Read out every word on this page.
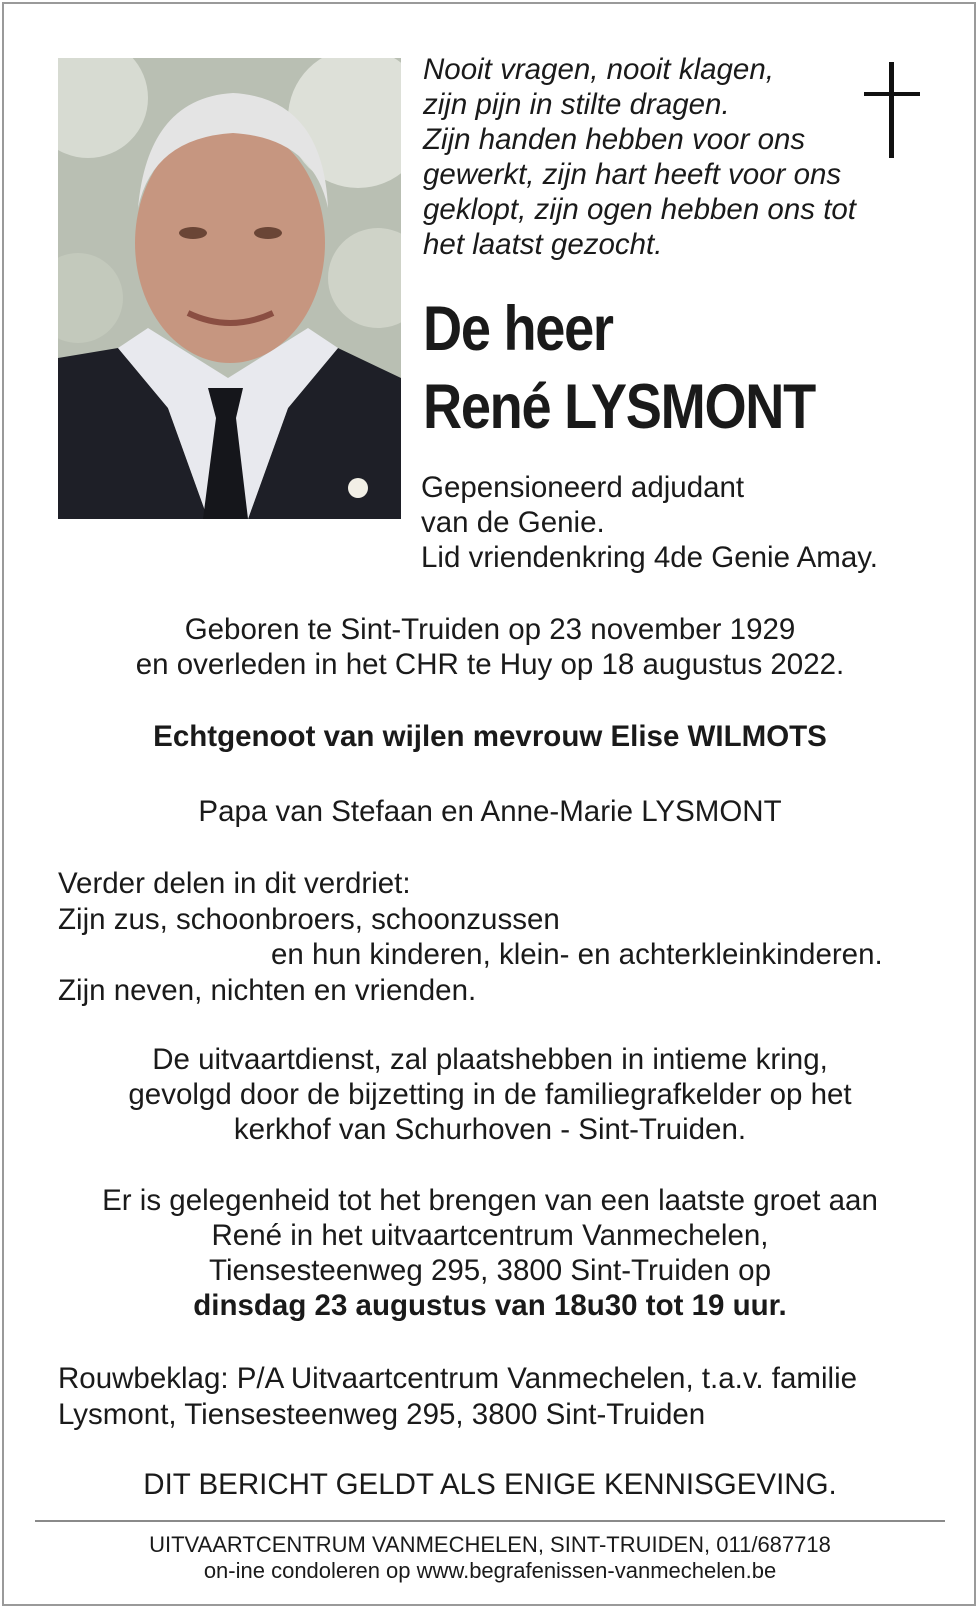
Nooit vragen, nooit klagen,
zijn pijn in stilte dragen.
Zijn handen hebben voor ons
gewerkt, zijn hart heeft voor ons
geklopt, zijn ogen hebben ons tot
het laatst gezocht.
De heer
René LYSMONT
Gepensioneerd adjudant
van de Genie.
Lid vriendenkring 4de Genie Amay.
Geboren te Sint-Truiden op 23 november 1929
en overleden in het CHR te Huy op 18 augustus 2022.
Echtgenoot van wijlen mevrouw Elise WILMOTS
Papa van Stefaan en Anne-Marie LYSMONT
Verder delen in dit verdriet:
Zijn zus, schoonbroers, schoonzussen
en hun kinderen, klein- en achterkleinkinderen.
Zijn neven, nichten en vrienden.
De uitvaartdienst, zal plaatshebben in intieme kring,
gevolgd door de bijzetting in de familiegrafkelder op het
kerkhof van Schurhoven - Sint-Truiden.
Er is gelegenheid tot het brengen van een laatste groet aan
René in het uitvaartcentrum Vanmechelen,
Tiensesteenweg 295, 3800 Sint-Truiden op
dinsdag 23 augustus van 18u30 tot 19 uur.
Rouwbeklag: P/A Uitvaartcentrum Vanmechelen, t.a.v. familie
Lysmont, Tiensesteenweg 295, 3800 Sint-Truiden
DIT BERICHT GELDT ALS ENIGE KENNISGEVING.
UITVAARTCENTRUM VANMECHELEN, SINT-TRUIDEN, 011/687718
on-ine condoleren op www.begrafenissen-vanmechelen.be
